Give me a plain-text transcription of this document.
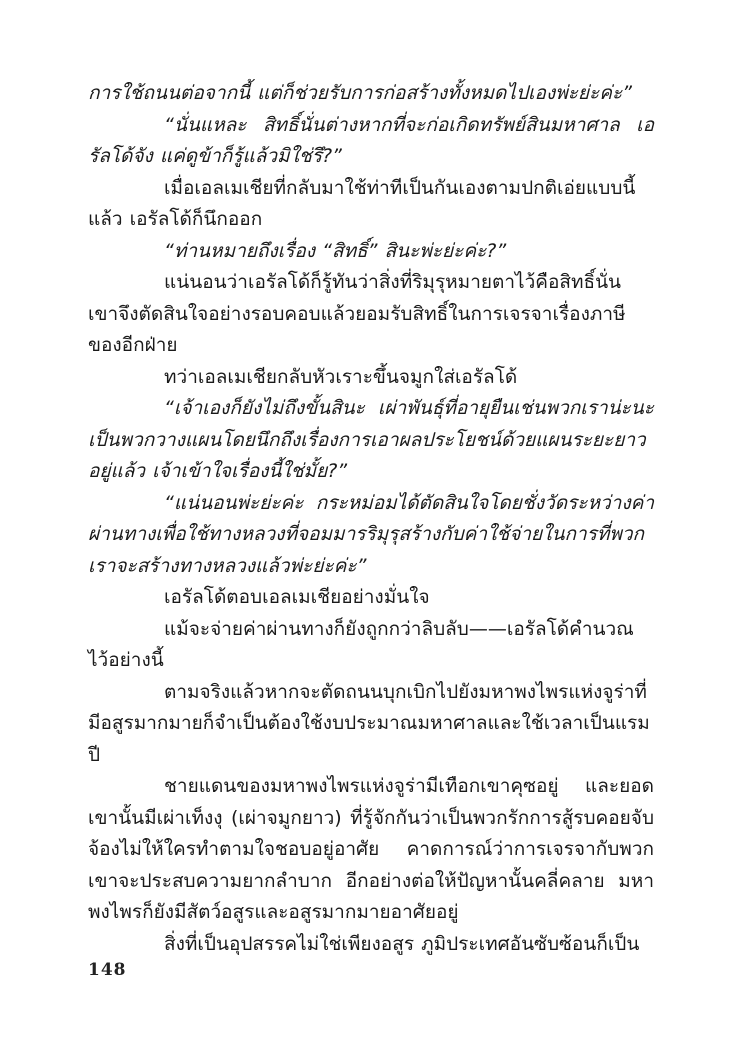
การใช้ถนนต่อจากนี้ แต่ก็ช่วยรับการก่อสร้างทั้งหมดไปเองพ่ะย่ะค่ะ”

“นั่นแหละ สิทธิ์นั่นต่างหากที่จะก่อเกิดทรัพย์สินมหาศาล เอรัลโด้จัง แค่ดูข้าก็รู้แล้วมิใช่รึ?”

เมื่อเอลเมเชียที่กลับมาใช้ท่าทีเป็นกันเองตามปกติเอ่ยแบบนี้แล้ว เอรัลโด้ก็นึกออก

“ท่านหมายถึงเรื่อง “สิทธิ์” สินะพ่ะย่ะค่ะ?”

แน่นอนว่าเอรัลโด้ก็รู้ทันว่าสิ่งที่ริมุรุหมายตาไว้คือสิทธิ์นั่น เขาจึงตัดสินใจอย่างรอบคอบแล้วยอมรับสิทธิ์ในการเจรจาเรื่องภาษีของอีกฝ่าย

ทว่าเอลเมเชียกลับหัวเราะขึ้นจมูกใส่เอรัลโด้

“เจ้าเองก็ยังไม่ถึงขั้นสินะ เผ่าพันธุ์ที่อายุยืนเช่นพวกเราน่ะนะเป็นพวกวางแผนโดยนึกถึงเรื่องการเอาผลประโยชน์ด้วยแผนระยะยาวอยู่แล้ว เจ้าเข้าใจเรื่องนี้ใช่มั้ย?”

“แน่นอนพ่ะย่ะค่ะ กระหม่อมได้ตัดสินใจโดยชั่งวัดระหว่างค่าผ่านทางเพื่อใช้ทางหลวงที่จอมมารริมุรุสร้างกับค่าใช้จ่ายในการที่พวกเราจะสร้างทางหลวงแล้วพ่ะย่ะค่ะ”

เอรัลโด้ตอบเอลเมเชียอย่างมั่นใจ

แม้จะจ่ายค่าผ่านทางก็ยังถูกกว่าลิบลับ——เอรัลโด้คำนวณไว้อย่างนี้

ตามจริงแล้วหากจะตัดถนนบุกเบิกไปยังมหาพงไพรแห่งจูร่าที่มีอสูรมากมายก็จำเป็นต้องใช้งบประมาณมหาศาลและใช้เวลาเป็นแรมปี

ชายแดนของมหาพงไพรแห่งจูร่ามีเทือกเขาคุซอยู่ และยอดเขานั้นมีเผ่าเท็งงุ (เผ่าจมูกยาว) ที่รู้จักกันว่าเป็นพวกรักการสู้รบคอยจับจ้องไม่ให้ใครทำตามใจชอบอยู่อาศัย คาดการณ์ว่าการเจรจากับพวกเขาจะประสบความยากลำบาก อีกอย่างต่อให้ปัญหานั้นคลี่คลาย มหาพงไพรก็ยังมีสัตว์อสูรและอสูรมากมายอาศัยอยู่

สิ่งที่เป็นอุปสรรคไม่ใช่เพียงอสูร ภูมิประเทศอันซับซ้อนก็เป็น

148
